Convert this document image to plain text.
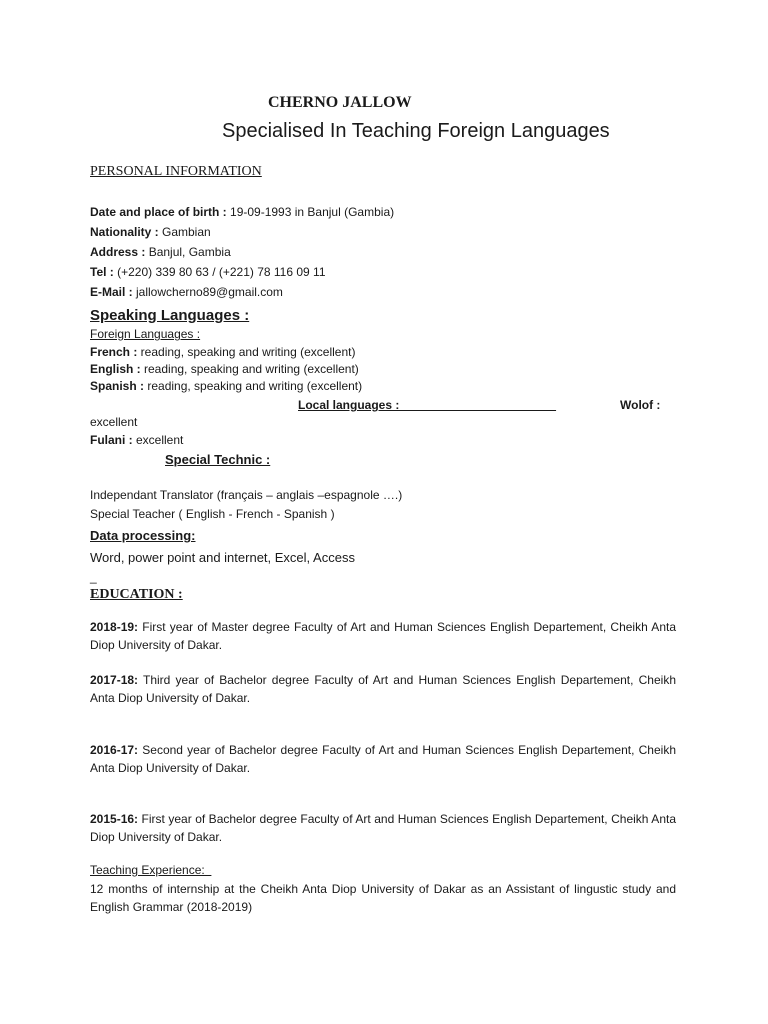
CHERNO JALLOW
Specialised In Teaching Foreign Languages
PERSONAL INFORMATION
Date and place of birth : 19-09-1993 in Banjul (Gambia)
Nationality : Gambian
Address : Banjul, Gambia
Tel : (+220) 339 80 63 / (+221) 78 116 09 11
E-Mail : jallowcherno89@gmail.com
Speaking Languages :
Foreign Languages :
French : reading, speaking and writing (excellent)
English : reading, speaking and writing (excellent)
Spanish : reading, speaking and writing (excellent)
Local languages :	Wolof :
excellent
Fulani : excellent
Special Technic :
Independant Translator (français – anglais –espagnole ….)
Special Teacher ( English - French - Spanish )
Data processing:
Word, power point and internet, Excel, Access
_
EDUCATION :
2018-19: First year of Master degree Faculty of Art and Human Sciences English Departement, Cheikh Anta Diop University of Dakar.
2017-18: Third year of Bachelor degree Faculty of Art and Human Sciences English Departement, Cheikh Anta Diop University of Dakar.
2016-17: Second year of Bachelor degree Faculty of Art and Human Sciences English Departement, Cheikh Anta Diop University of Dakar.
2015-16: First year of Bachelor degree Faculty of Art and Human Sciences English Departement, Cheikh Anta Diop University of Dakar.
Teaching Experience:
12 months of internship at the Cheikh Anta Diop University of Dakar as an Assistant of lingustic study and English Grammar (2018-2019)
